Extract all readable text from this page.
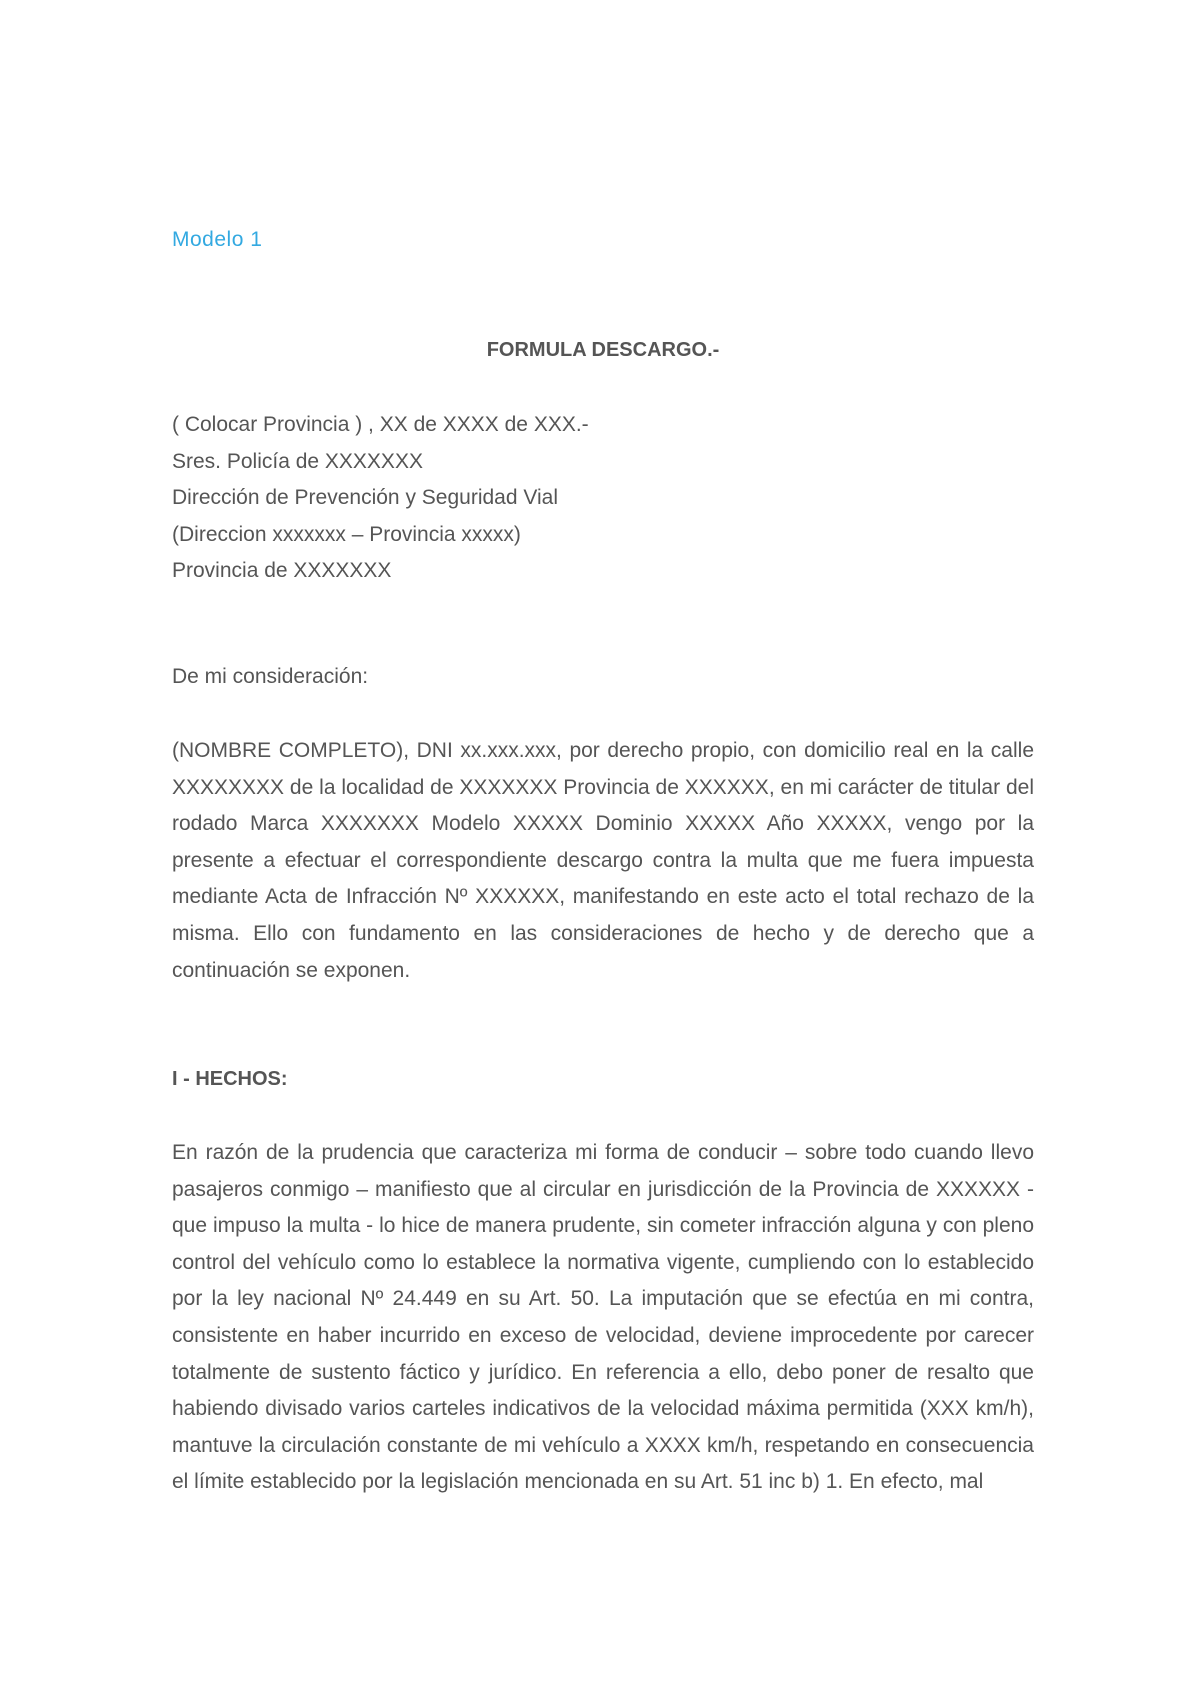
Modelo 1
FORMULA DESCARGO.-
( Colocar Provincia ) , XX de XXXX de XXX.-
Sres. Policía de XXXXXXX
Dirección de Prevención y Seguridad Vial
(Direccion xxxxxxx – Provincia xxxxx)
Provincia de XXXXXXX
De mi consideración:

(NOMBRE COMPLETO), DNI xx.xxx.xxx, por derecho propio, con domicilio real en la calle XXXXXXXX de la localidad de XXXXXXX Provincia de XXXXXX, en mi carácter de titular del rodado Marca XXXXXXX Modelo XXXXX Dominio XXXXX Año XXXXX, vengo por la presente a efectuar el correspondiente descargo contra la multa que me fuera impuesta mediante Acta de Infracción Nº XXXXXX, manifestando en este acto el total rechazo de la misma. Ello con fundamento en las consideraciones de hecho y de derecho que a continuación se exponen.

I - HECHOS:

En razón de la prudencia que caracteriza mi forma de conducir – sobre todo cuando llevo pasajeros conmigo – manifiesto que al circular en jurisdicción de la Provincia de XXXXXX - que impuso la multa - lo hice de manera prudente, sin cometer infracción alguna y con pleno control del vehículo como lo establece la normativa vigente, cumpliendo con lo establecido por la ley nacional Nº 24.449 en su Art. 50. La imputación que se efectúa en mi contra, consistente en haber incurrido en exceso de velocidad, deviene improcedente por carecer totalmente de sustento fáctico y jurídico. En referencia a ello, debo poner de resalto que habiendo divisado varios carteles indicativos de la velocidad máxima permitida (XXX km/h), mantuve la circulación constante de mi vehículo a XXXX km/h, respetando en consecuencia el límite establecido por la legislación mencionada en su Art. 51 inc b) 1. En efecto, mal
